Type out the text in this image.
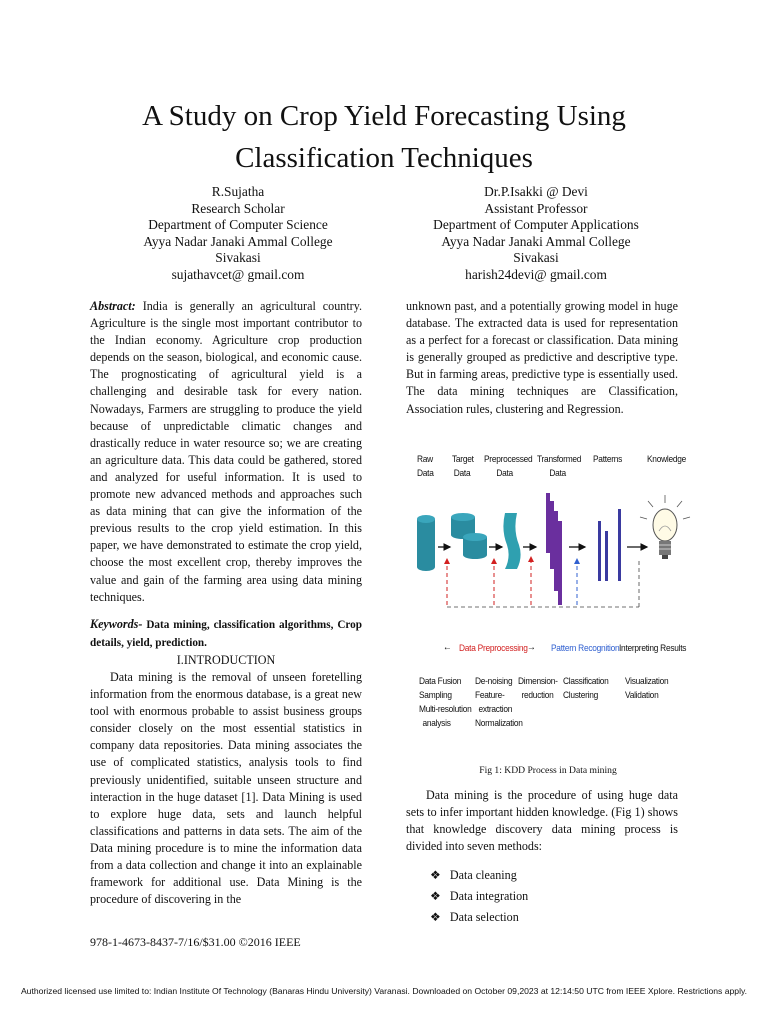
A Study on Crop Yield Forecasting Using
Classification Techniques
R.Sujatha
Research Scholar
Department of Computer Science
Ayya Nadar Janaki Ammal College
Sivakasi
sujathavcet@ gmail.com
Dr.P.Isakki @ Devi
Assistant Professor
Department of Computer Applications
Ayya Nadar Janaki Ammal College
Sivakasi
harish24devi@ gmail.com

Abstract: India is generally an agricultural country. Agriculture is the single most important contributor to the Indian economy. Agriculture crop production depends on the season, biological, and economic cause. The prognosticating of agricultural yield is a challenging and desirable task for every nation. Nowadays, Farmers are struggling to produce the yield because of unpredictable climatic changes and drastically reduce in water resource so; we are creating an agriculture data. This data could be gathered, stored and analyzed for useful information. It is used to promote new advanced methods and approaches such as data mining that can give the information of the previous results to the crop yield estimation. In this paper, we have demonstrated to estimate the crop yield, choose the most excellent crop, thereby improves the value and gain of the farming area using data mining techniques.

Keywords- Data mining, classification algorithms, Crop details, yield, prediction.

I.INTRODUCTION

Data mining is the removal of unseen foretelling information from the enormous database, is a great new tool with enormous probable to assist business groups consider closely on the most essential statistics in company data repositories. Data mining associates the use of complicated statistics, analysis tools to find previously unidentified, suitable unseen structure and interaction in the huge dataset [1]. Data Mining is used to explore huge data, sets and launch helpful classifications and patterns in data sets. The aim of the Data mining procedure is to mine the information data from a data collection and change it into an explainable framework for additional use. Data Mining is the procedure of discovering in the

unknown past, and a potentially growing model in huge database. The extracted data is used for representation as a perfect for a forecast or classification. Data mining is generally grouped as predictive and descriptive type. But in farming areas, predictive type is essentially used. The data mining techniques are Classification, Association rules, clustering and Regression.

Raw
Data
Target
Data
Preprocessed
Data
Transformed
Data
Patterns	Knowledge
← Data Preprocessing → Pattern Recognition Interpreting Results
Data Fusion
Sampling
Multi-resolution
analysis
De-noising
Feature-
extraction
Normalization
Dimension-
reduction
Classification
Clustering
Visualization
Validation
Fig 1: KDD Process in Data mining

Data mining is the procedure of using huge data sets to infer important hidden knowledge. (Fig 1) shows that knowledge discovery data mining process is divided into seven methods:

❖ Data cleaning
❖ Data integration
❖ Data selection
978-1-4673-8437-7/16/$31.00 ©2016 IEEE
Authorized licensed use limited to: Indian Institute Of Technology (Banaras Hindu University) Varanasi. Downloaded on October 09,2023 at 12:14:50 UTC from IEEE Xplore. Restrictions apply.
